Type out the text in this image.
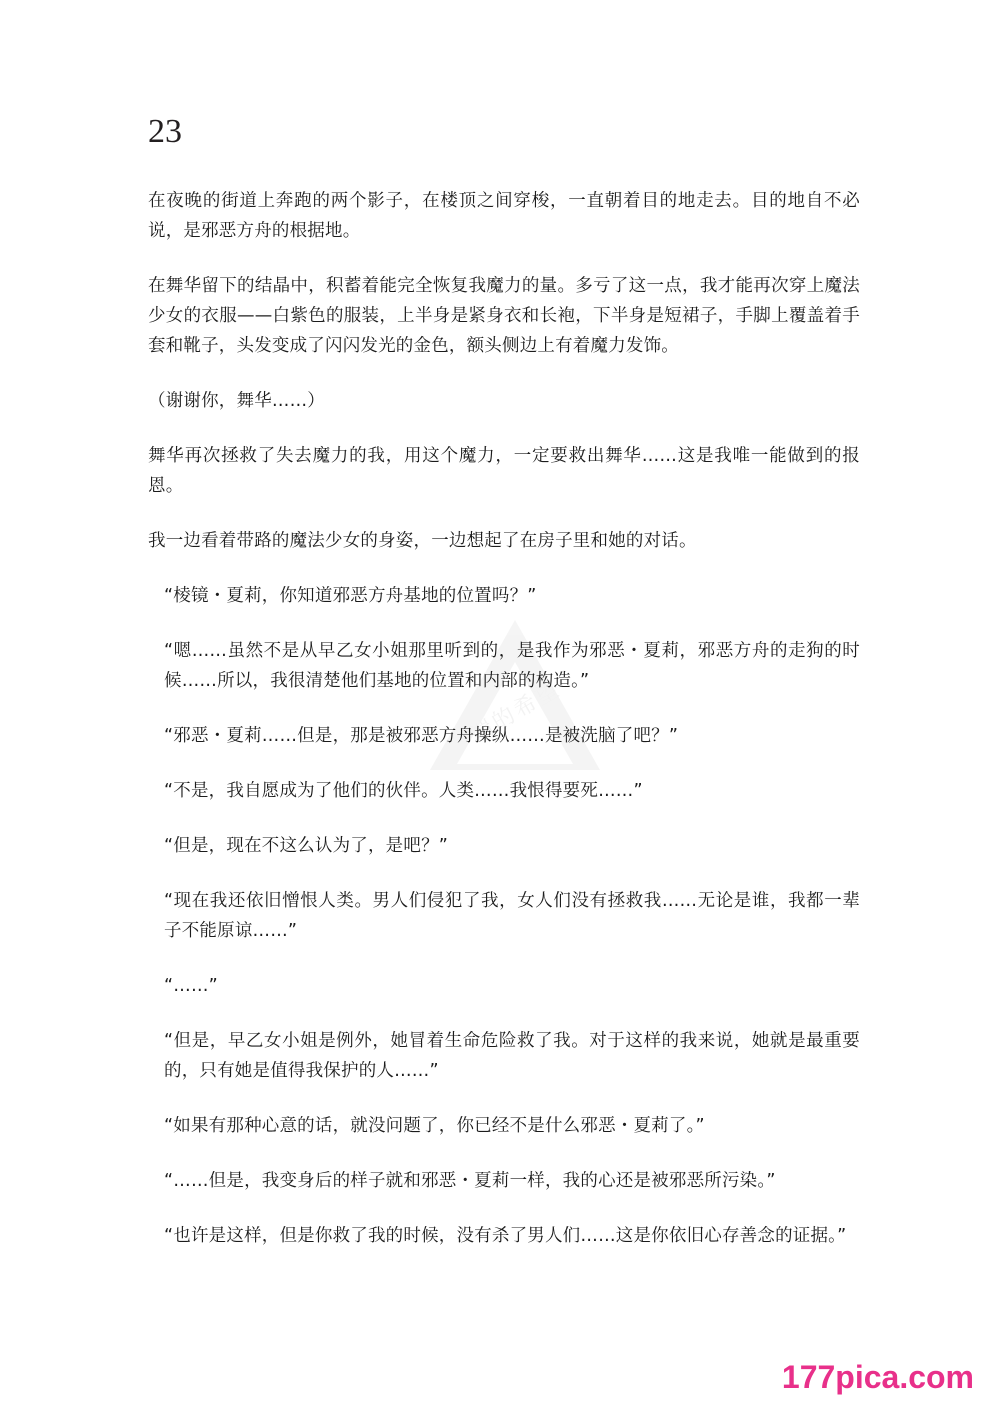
端的希望
23

在夜晚的街道上奔跑的两个影子，在楼顶之间穿梭，一直朝着目的地走去。目的地自不必说，是邪恶方舟的根据地。

在舞华留下的结晶中，积蓄着能完全恢复我魔力的量。多亏了这一点，我才能再次穿上魔法少女的衣服——白紫色的服装，上半身是紧身衣和长袍，下半身是短裙子，手脚上覆盖着手套和靴子，头发变成了闪闪发光的金色，额头侧边上有着魔力发饰。

（谢谢你，舞华……）

舞华再次拯救了失去魔力的我，用这个魔力，一定要救出舞华……这是我唯一能做到的报恩。

我一边看着带路的魔法少女的身姿，一边想起了在房子里和她的对话。

“棱镜・夏莉，你知道邪恶方舟基地的位置吗？”

“嗯……虽然不是从早乙女小姐那里听到的，是我作为邪恶・夏莉，邪恶方舟的走狗的时候……所以，我很清楚他们基地的位置和内部的构造。”

“邪恶・夏莉……但是，那是被邪恶方舟操纵……是被洗脑了吧？”

“不是，我自愿成为了他们的伙伴。人类……我恨得要死……”

“但是，现在不这么认为了，是吧？”

“现在我还依旧憎恨人类。男人们侵犯了我，女人们没有拯救我……无论是谁，我都一辈子不能原谅……”

“……”

“但是，早乙女小姐是例外，她冒着生命危险救了我。对于这样的我来说，她就是最重要的，只有她是值得我保护的人……”

“如果有那种心意的话，就没问题了，你已经不是什么邪恶・夏莉了。”

“……但是，我变身后的样子就和邪恶・夏莉一样，我的心还是被邪恶所污染。”

“也许是这样，但是你救了我的时候，没有杀了男人们……这是你依旧心存善念的证据。”

177pica.com
